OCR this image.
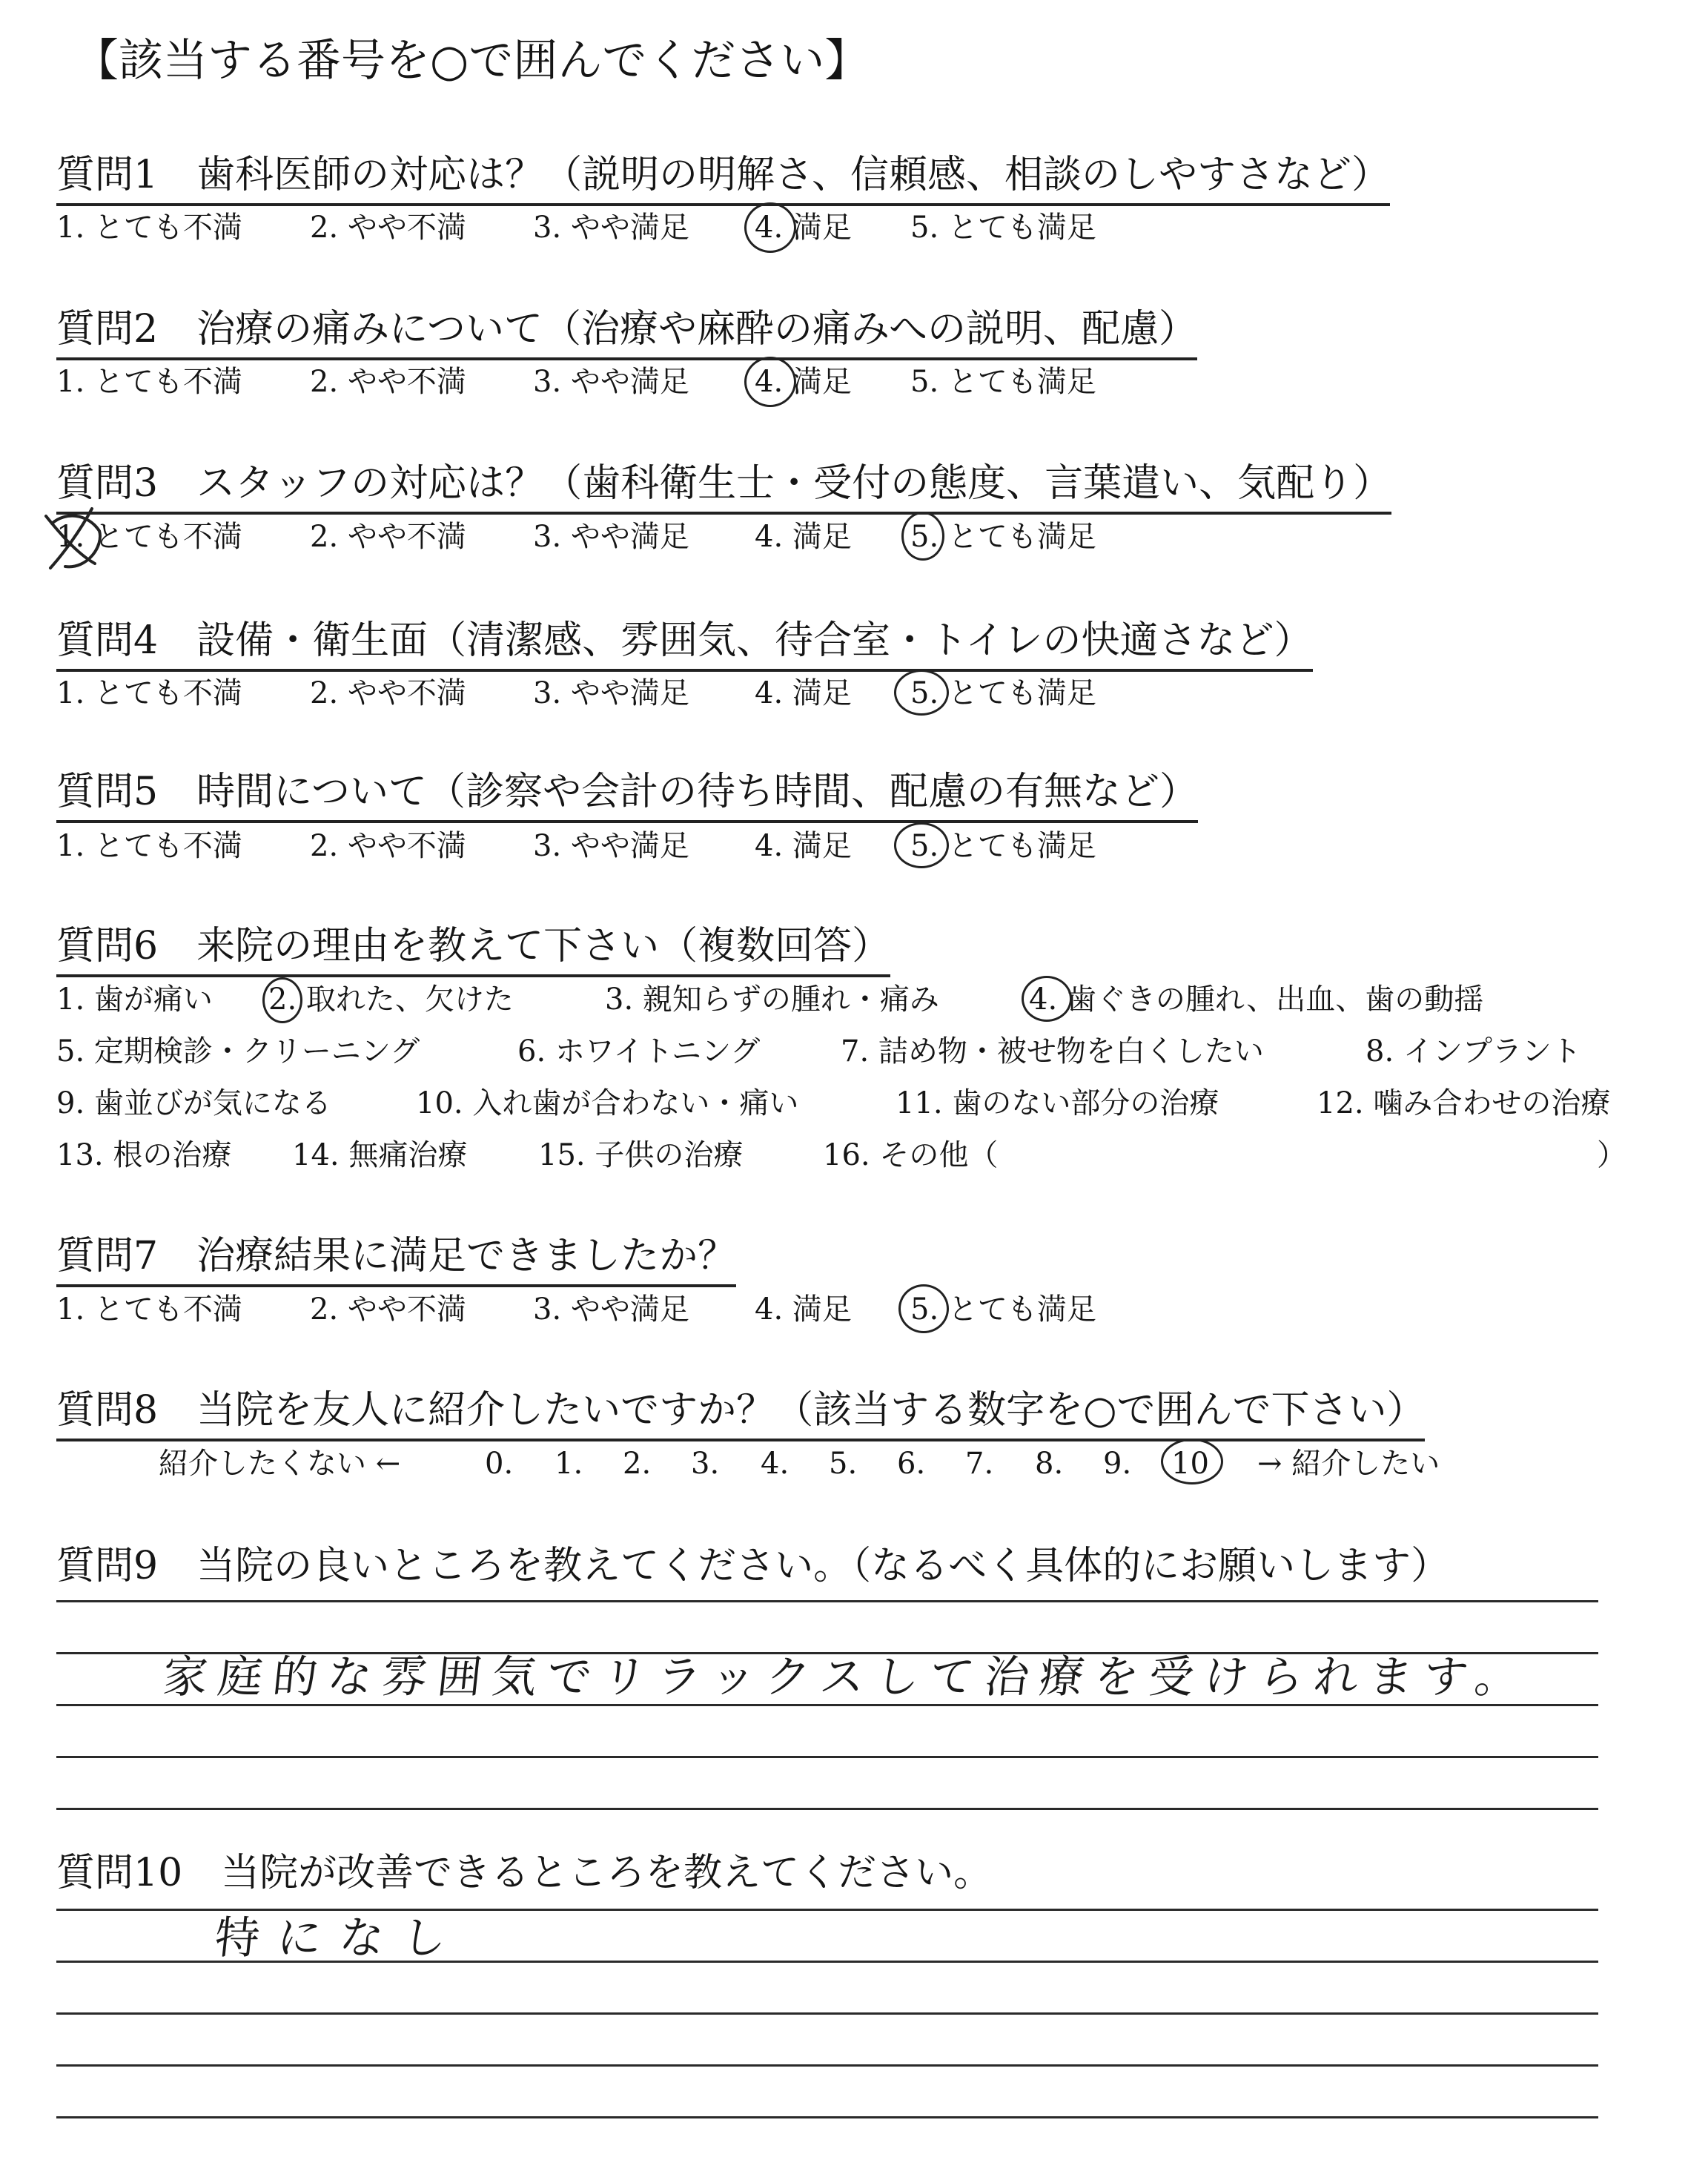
【該当する番号を○で囲んでください】
質問1　歯科医師の対応は？（説明の明解さ、信頼感、相談のしやすさなど）
1. とても不満 2. やや不満 3. やや満足 4. 満足 5. とても満足
質問2　治療の痛みについて（治療や麻酔の痛みへの説明、配慮）
1. とても不満 2. やや不満 3. やや満足 4. 満足 5. とても満足
質問3　スタッフの対応は？（歯科衛生士・受付の態度、言葉遣い、気配り）
1. とても不満 2. やや不満 3. やや満足 4. 満足 5. とても満足
質問4　設備・衛生面（清潔感、雰囲気、待合室・トイレの快適さなど）
1. とても不満 2. やや不満 3. やや満足 4. 満足 5. とても満足
質問5　時間について（診察や会計の待ち時間、配慮の有無など）
1. とても不満 2. やや不満 3. やや満足 4. 満足 5. とても満足
質問6　来院の理由を教えて下さい（複数回答）
1. 歯が痛い 2. 取れた、欠けた	3. 親知らずの腫れ・痛み	4. 歯ぐきの腫れ、出血、歯の動揺
5. 定期検診・クリーニング	6. ホワイトニング	7. 詰め物・被せ物を白くしたい	8. インプラント
9. 歯並びが気になる	10. 入れ歯が合わない・痛い	11. 歯のない部分の治療	12. 噛み合わせの治療
13. 根の治療 14. 無痛治療 15. 子供の治療	16. その他（	）
質問7　治療結果に満足できましたか？
1. とても不満 2. やや不満 3. やや満足 4. 満足 5. とても満足
質問8　当院を友人に紹介したいですか？（該当する数字を○で囲んで下さい）
紹介したくない ←	0. 1. 2. 3. 4. 5. 6. 7. 8. 9. 10 → 紹介したい
質問9　当院の良いところを教えてください。（なるべく具体的にお願いします）
家庭的な雰囲気でリラックスして治療を受けられます。
質問10　当院が改善できるところを教えてください。
特になし
